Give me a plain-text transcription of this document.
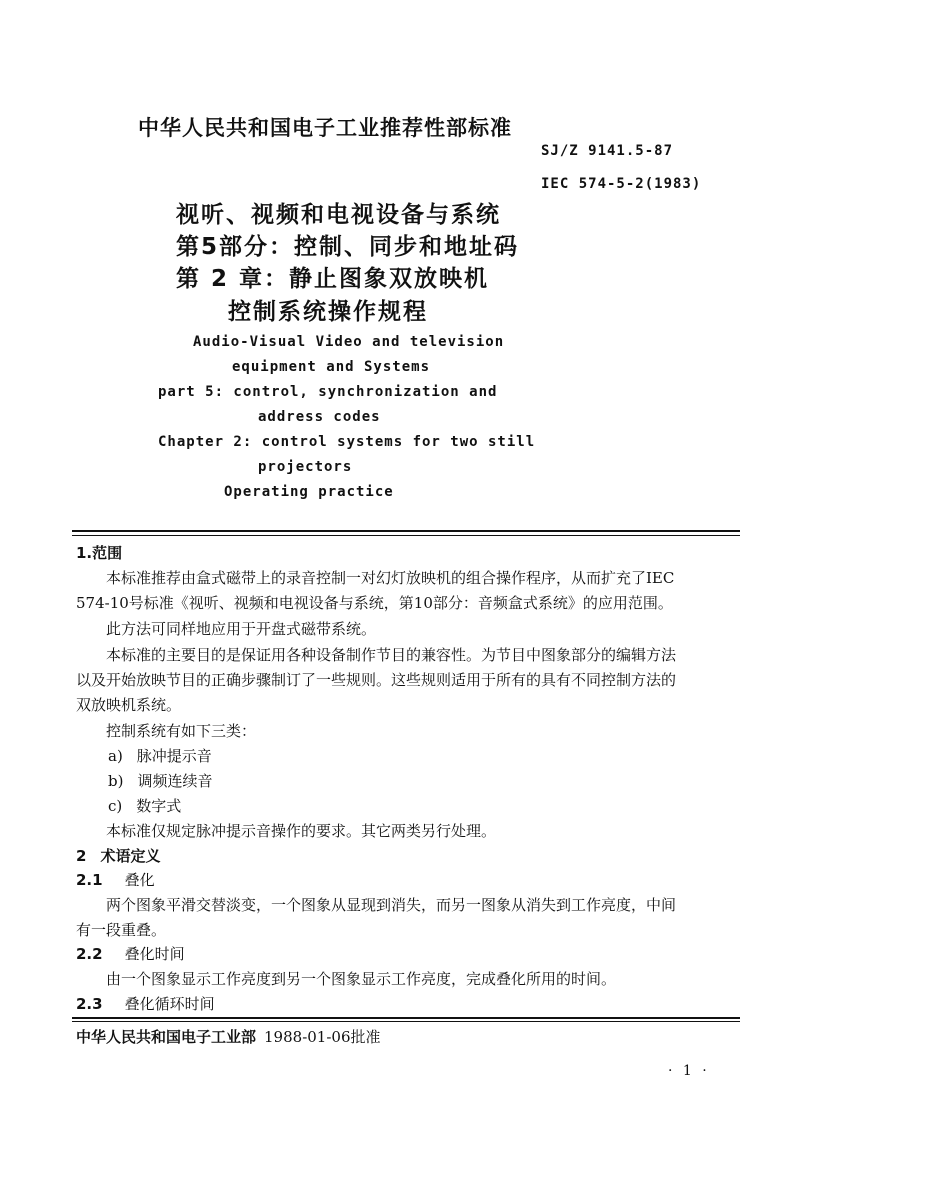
中华人民共和国电子工业推荐性部标准
SJ/Z 9141.5-87
IEC 574-5-2(1983)
视听、视频和电视设备与系统
第5部分：控制、同步和地址码
第 2 章：静止图象双放映机
控制系统操作规程
Audio-Visual Video and television
equipment and Systems
part 5: control, synchronization and
address codes
Chapter 2: control systems for two still
projectors
Operating practice
1.范围
本标准推荐由盒式磁带上的录音控制一对幻灯放映机的组合操作程序，从而扩充了IEC
574-10号标准《视听、视频和电视设备与系统，第10部分：音频盒式系统》的应用范围。
此方法可同样地应用于开盘式磁带系统。
本标准的主要目的是保证用各种设备制作节目的兼容性。为节目中图象部分的编辑方法
以及开始放映节目的正确步骤制订了一些规则。这些规则适用于所有的具有不同控制方法的
双放映机系统。
控制系统有如下三类：
a) 脉冲提示音
b) 调频连续音
c) 数字式
本标准仅规定脉冲提示音操作的要求。其它两类另行处理。
2 术语定义
2.1 叠化
两个图象平滑交替淡变，一个图象从显现到消失，而另一图象从消失到工作亮度，中间
有一段重叠。
2.2 叠化时间
由一个图象显示工作亮度到另一个图象显示工作亮度，完成叠化所用的时间。
2.3 叠化循环时间
中华人民共和国电子工业部 1988-01-06批准
· 1 ·
